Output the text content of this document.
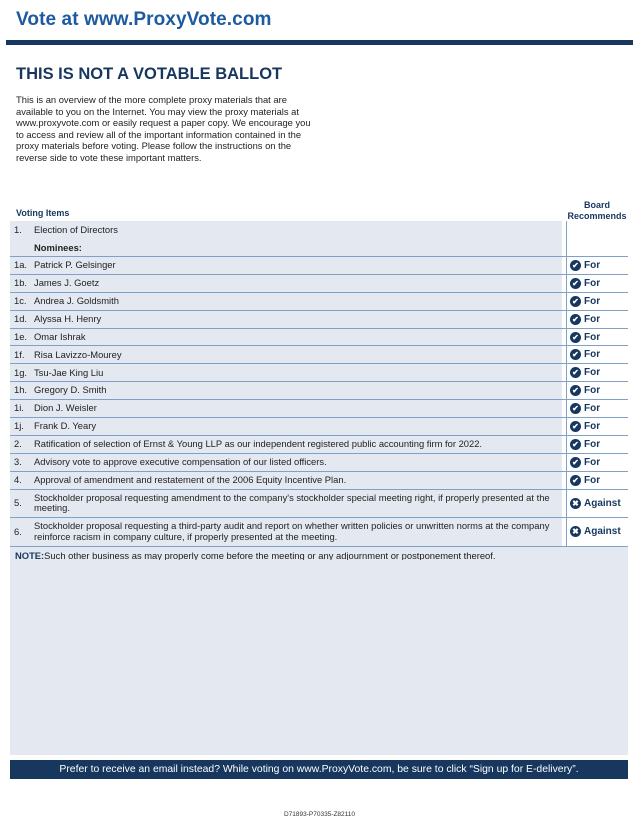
Vote at www.ProxyVote.com
THIS IS NOT A VOTABLE BALLOT
This is an overview of the more complete proxy materials that are available to you on the Internet. You may view the proxy materials at www.proxyvote.com or easily request a paper copy. We encourage you to access and review all of the important information contained in the proxy materials before voting. Please follow the instructions on the reverse side to vote these important matters.
Voting Items
Board Recommends
1.	Election of Directors
Nominees:
1a. Patrick P. Gelsinger	✔ For
1b. James J. Goetz	✔ For
1c. Andrea J. Goldsmith	✔ For
1d. Alyssa H. Henry	✔ For
1e. Omar Ishrak	✔ For
1f.	Risa Lavizzo-Mourey	✔ For
1g. Tsu-Jae King Liu	✔ For
1h. Gregory D. Smith	✔ For
1i.	Dion J. Weisler	✔ For
1j.	Frank D. Yeary	✔ For
2.	Ratification of selection of Ernst & Young LLP as our independent registered public accounting firm for 2022.	✔ For
3.	Advisory vote to approve executive compensation of our listed officers.	✔ For
4.	Approval of amendment and restatement of the 2006 Equity Incentive Plan.	✔ For
5.	Stockholder proposal requesting amendment to the company's stockholder special meeting right, if properly presented at the meeting.	✖ Against
6.	Stockholder proposal requesting a third-party audit and report on whether written policies or unwritten norms at the company reinforce racism in company culture, if properly presented at the meeting.	✖ Against
NOTE: Such other business as may properly come before the meeting or any adjournment or postponement thereof.
Prefer to receive an email instead? While voting on www.ProxyVote.com, be sure to click “Sign up for E-delivery”.
D71893-P70335-Z82110
